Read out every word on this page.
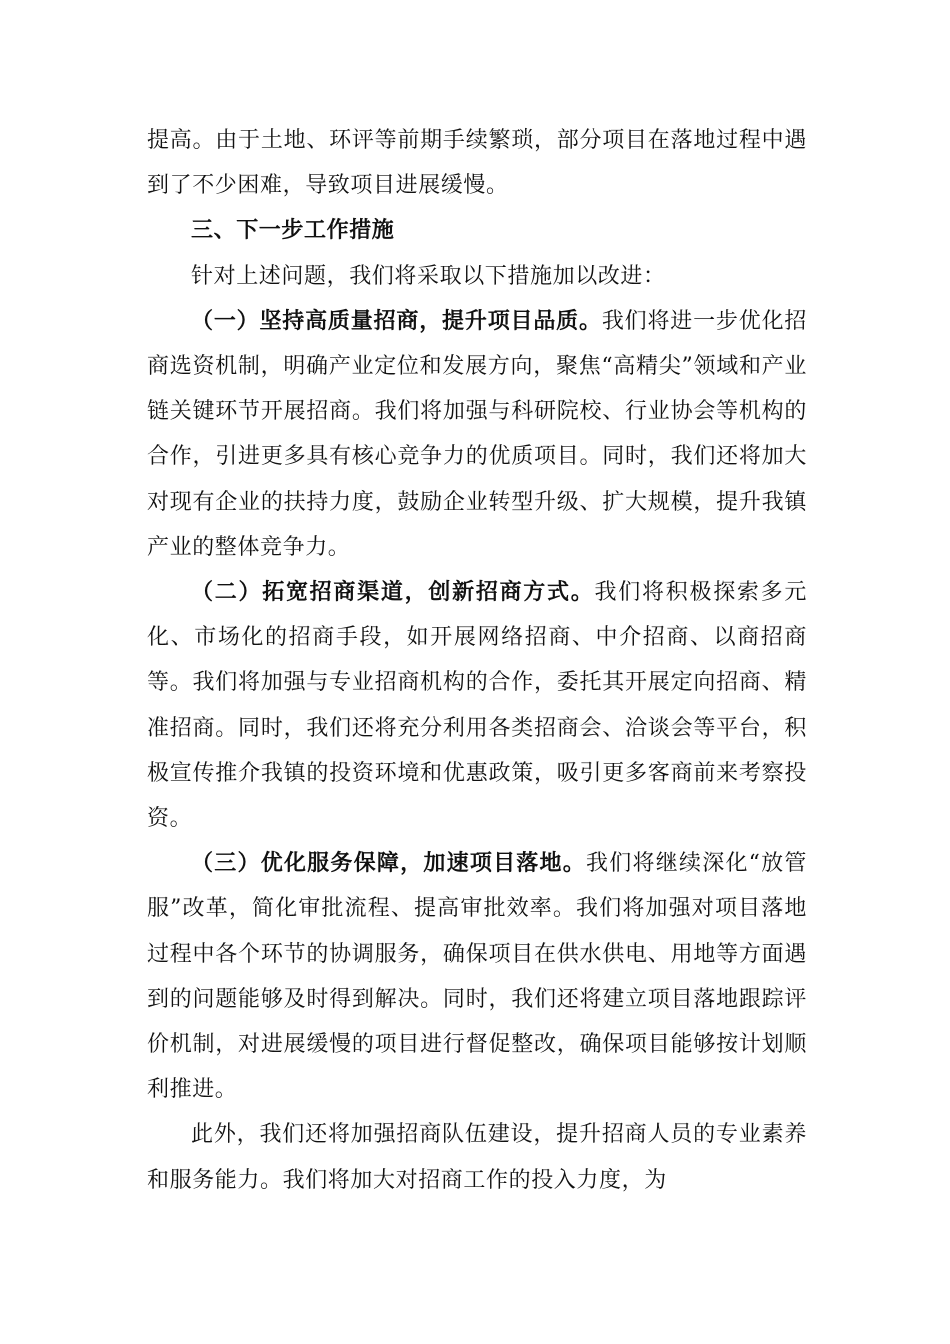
提高。由于土地、环评等前期手续繁琐，部分项目在落地过程中遇到了不少困难，导致项目进展缓慢。

三、下一步工作措施

针对上述问题，我们将采取以下措施加以改进：

（一）坚持高质量招商，提升项目品质。我们将进一步优化招商选资机制，明确产业定位和发展方向，聚焦“高精尖”领域和产业链关键环节开展招商。我们将加强与科研院校、行业协会等机构的合作，引进更多具有核心竞争力的优质项目。同时，我们还将加大对现有企业的扶持力度，鼓励企业转型升级、扩大规模，提升我镇产业的整体竞争力。

（二）拓宽招商渠道，创新招商方式。我们将积极探索多元化、市场化的招商手段，如开展网络招商、中介招商、以商招商等。我们将加强与专业招商机构的合作，委托其开展定向招商、精准招商。同时，我们还将充分利用各类招商会、洽谈会等平台，积极宣传推介我镇的投资环境和优惠政策，吸引更多客商前来考察投资。

（三）优化服务保障，加速项目落地。我们将继续深化“放管服”改革，简化审批流程、提高审批效率。我们将加强对项目落地过程中各个环节的协调服务，确保项目在供水供电、用地等方面遇到的问题能够及时得到解决。同时，我们还将建立项目落地跟踪评价机制，对进展缓慢的项目进行督促整改，确保项目能够按计划顺利推进。

此外，我们还将加强招商队伍建设，提升招商人员的专业素养和服务能力。我们将加大对招商工作的投入力度，为
